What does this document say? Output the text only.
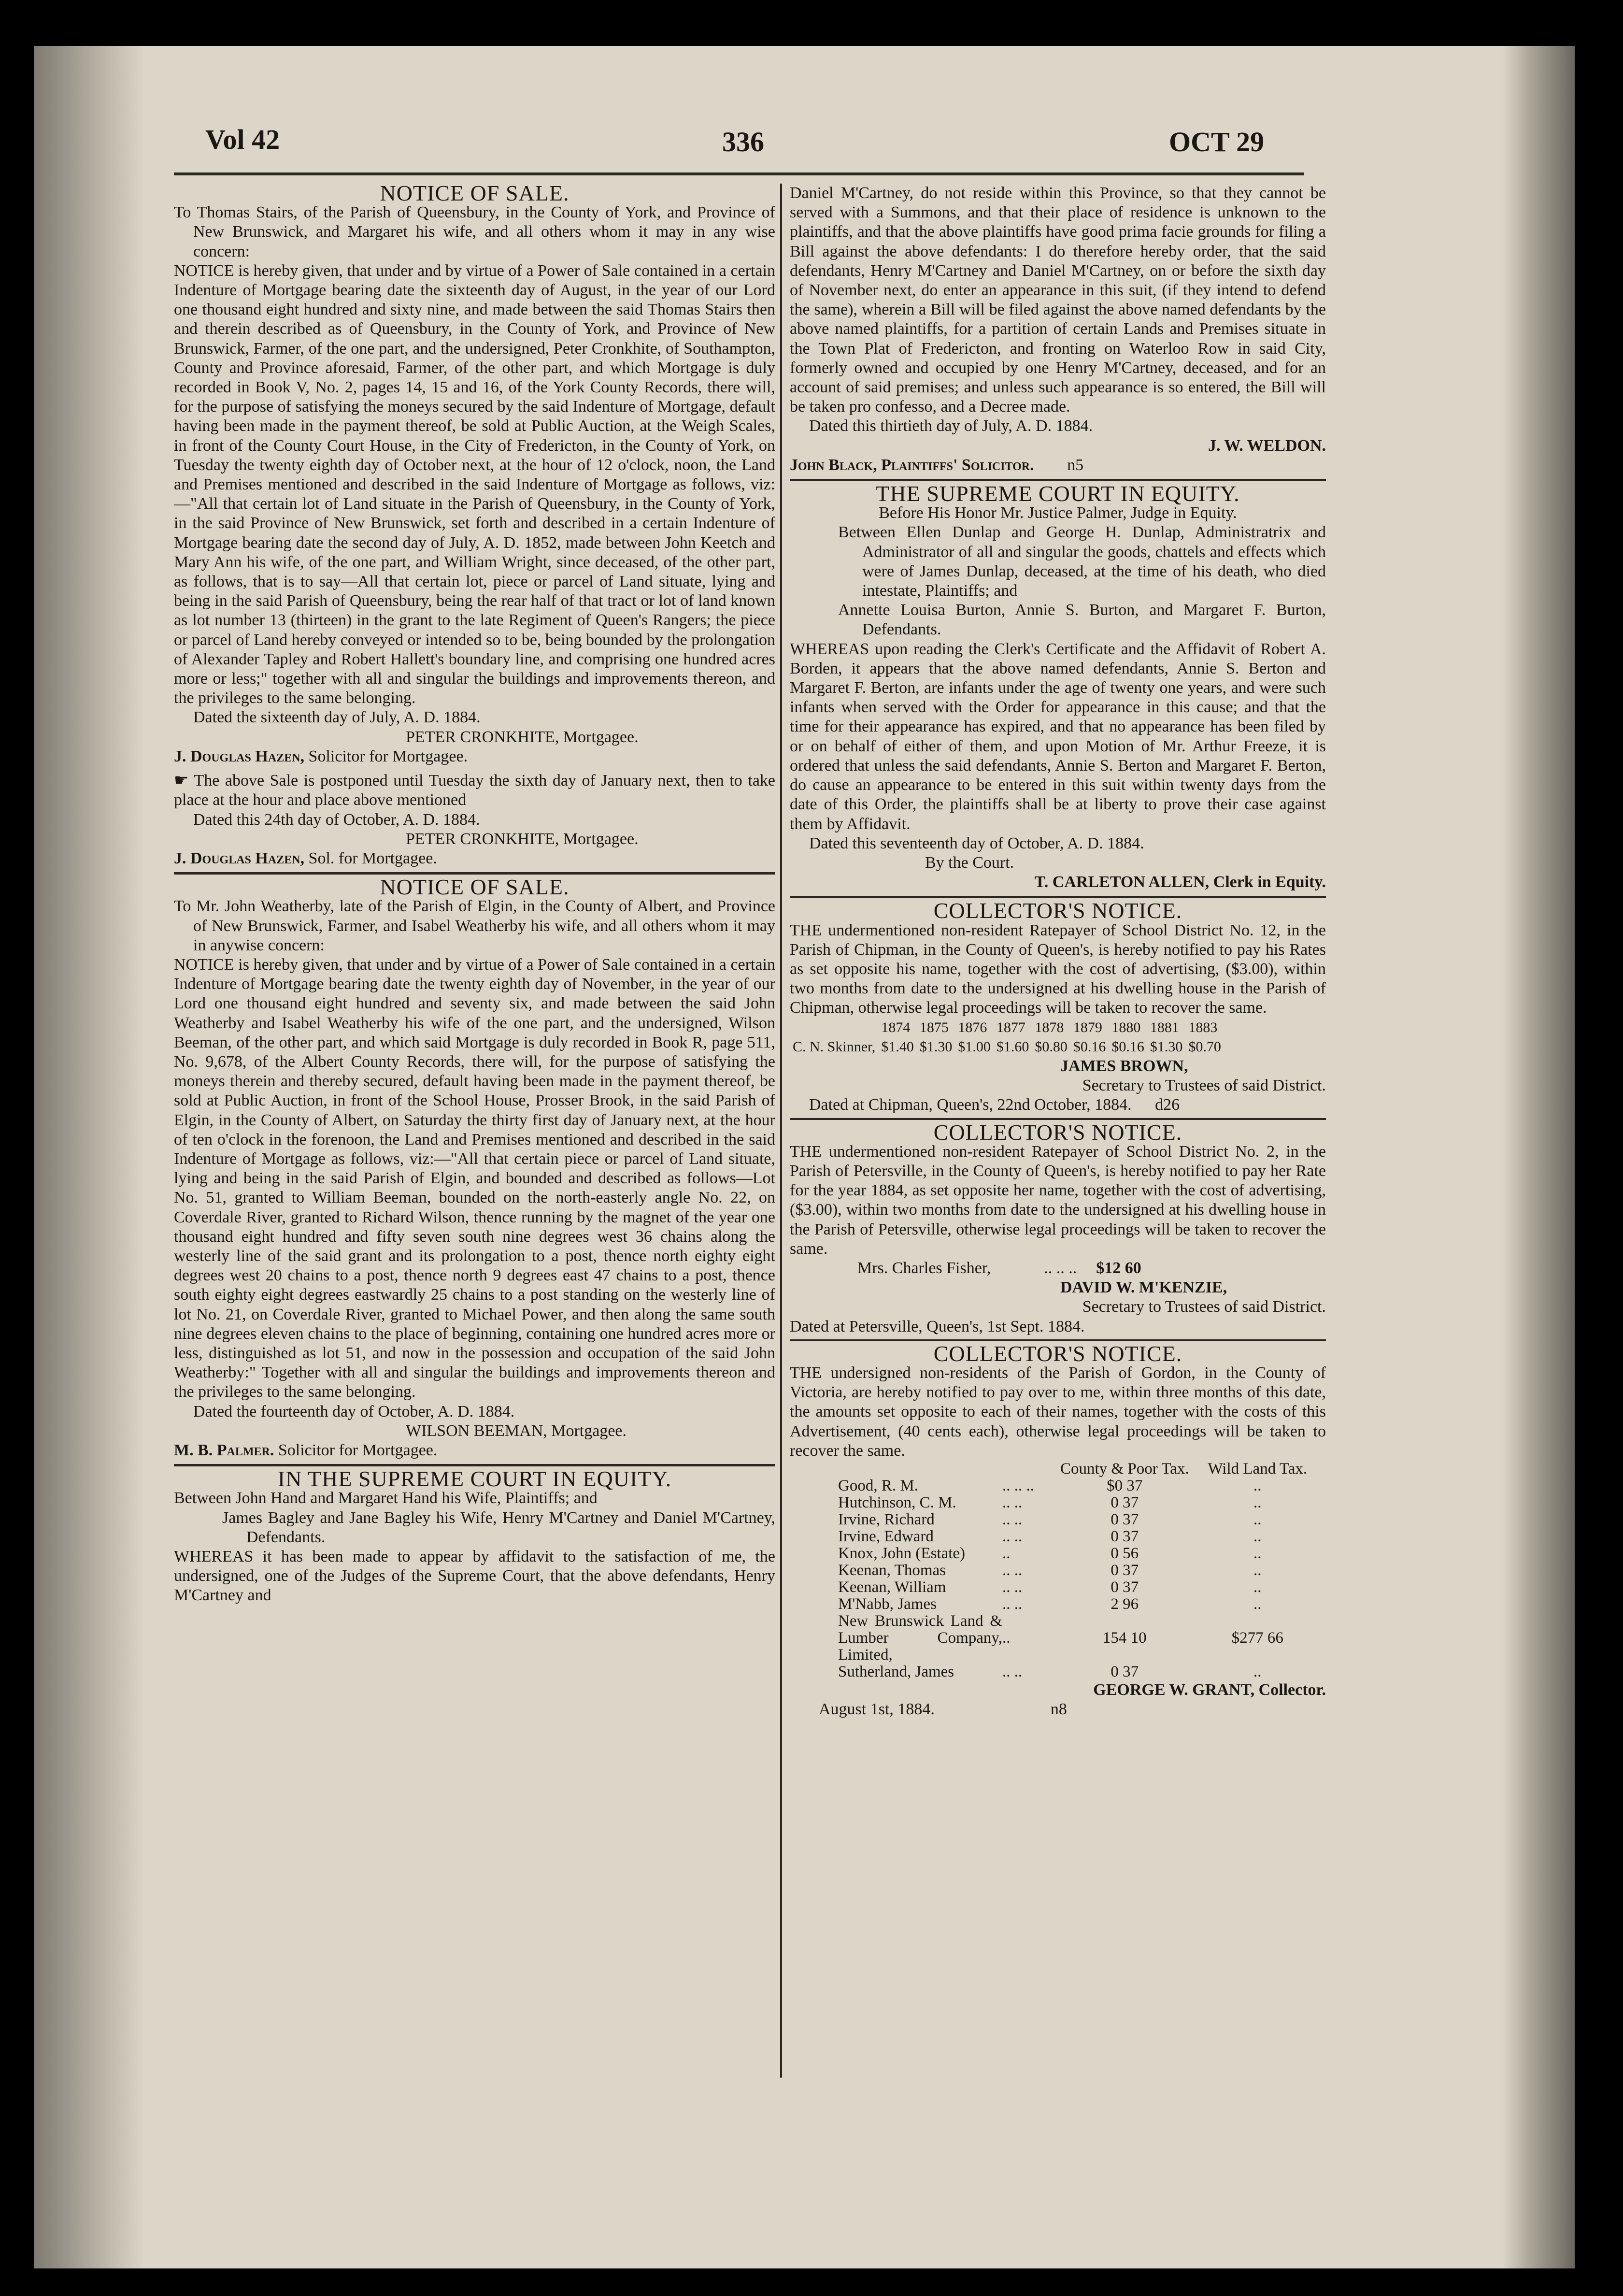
Vol 42	336	OCT 29

NOTICE OF SALE.

To Thomas Stairs, of the Parish of Queensbury, in the County of York, and Province of New Brunswick, and Margaret his wife, and all others whom it may in any wise concern:

NOTICE is hereby given, that under and by virtue of a Power of Sale contained in a certain Indenture of Mortgage bearing date the sixteenth day of August, in the year of our Lord one thousand eight hundred and sixty nine, and made between the said Thomas Stairs then and therein described as of Queensbury, in the County of York, and Province of New Brunswick, Farmer, of the one part, and the undersigned, Peter Cronkhite, of Southampton, County and Province aforesaid, Farmer, of the other part, and which Mortgage is duly recorded in Book V, No. 2, pages 14, 15 and 16, of the York County Records, there will, for the purpose of satisfying the moneys secured by the said Indenture of Mortgage, default having been made in the payment thereof, be sold at Public Auction, at the Weigh Scales, in front of the County Court House, in the City of Fredericton, in the County of York, on Tuesday the twenty eighth day of October next, at the hour of 12 o'clock, noon, the Land and Premises mentioned and described in the said Indenture of Mortgage as follows, viz:—"All that certain lot of Land situate in the Parish of Queensbury, in the County of York, in the said Province of New Brunswick, set forth and described in a certain Indenture of Mortgage bearing date the second day of July, A. D. 1852, made between John Keetch and Mary Ann his wife, of the one part, and William Wright, since deceased, of the other part, as follows, that is to say—All that certain lot, piece or parcel of Land situate, lying and being in the said Parish of Queensbury, being the rear half of that tract or lot of land known as lot number 13 (thirteen) in the grant to the late Regiment of Queen's Rangers; the piece or parcel of Land hereby conveyed or intended so to be, being bounded by the prolongation of Alexander Tapley and Robert Hallett's boundary line, and comprising one hundred acres more or less;" together with all and singular the buildings and improvements thereon, and the privileges to the same belonging.

Dated the sixteenth day of July, A. D. 1884.

PETER CRONKHITE, Mortgagee.

J. Douglas Hazen, Solicitor for Mortgagee.

☛ The above Sale is postponed until Tuesday the sixth day of January next, then to take place at the hour and place above mentioned

Dated this 24th day of October, A. D. 1884.

PETER CRONKHITE, Mortgagee.

J. Douglas Hazen, Sol. for Mortgagee.

NOTICE OF SALE.

To Mr. John Weatherby, late of the Parish of Elgin, in the County of Albert, and Province of New Brunswick, Farmer, and Isabel Weatherby his wife, and all others whom it may in anywise concern:

NOTICE is hereby given, that under and by virtue of a Power of Sale contained in a certain Indenture of Mortgage bearing date the twenty eighth day of November, in the year of our Lord one thousand eight hundred and seventy six, and made between the said John Weatherby and Isabel Weatherby his wife of the one part, and the undersigned, Wilson Beeman, of the other part, and which said Mortgage is duly recorded in Book R, page 511, No. 9,678, of the Albert County Records, there will, for the purpose of satisfying the moneys therein and thereby secured, default having been made in the payment thereof, be sold at Public Auction, in front of the School House, Prosser Brook, in the said Parish of Elgin, in the County of Albert, on Saturday the thirty first day of January next, at the hour of ten o'clock in the forenoon, the Land and Premises mentioned and described in the said Indenture of Mortgage as follows, viz:—"All that certain piece or parcel of Land situate, lying and being in the said Parish of Elgin, and bounded and described as follows—Lot No. 51, granted to William Beeman, bounded on the north-easterly angle No. 22, on Coverdale River, granted to Richard Wilson, thence running by the magnet of the year one thousand eight hundred and fifty seven south nine degrees west 36 chains along the westerly line of the said grant and its prolongation to a post, thence north eighty eight degrees west 20 chains to a post, thence north 9 degrees east 47 chains to a post, thence south eighty eight degrees eastwardly 25 chains to a post standing on the westerly line of lot No. 21, on Coverdale River, granted to Michael Power, and then along the same south nine degrees eleven chains to the place of beginning, containing one hundred acres more or less, distinguished as lot 51, and now in the possession and occupation of the said John Weatherby:" Together with all and singular the buildings and improvements thereon and the privileges to the same belonging.

Dated the fourteenth day of October, A. D. 1884.

WILSON BEEMAN, Mortgagee.

M. B. Palmer. Solicitor for Mortgagee.

IN THE SUPREME COURT IN EQUITY.

Between John Hand and Margaret Hand his Wife, Plaintiffs; and

James Bagley and Jane Bagley his Wife, Henry M'Cartney and Daniel M'Cartney, Defendants.

WHEREAS it has been made to appear by affidavit to the satisfaction of me, the undersigned, one of the Judges of the Supreme Court, that the above defendants, Henry M'Cartney and

Daniel M'Cartney, do not reside within this Province, so that they cannot be served with a Summons, and that their place of residence is unknown to the plaintiffs, and that the above plaintiffs have good prima facie grounds for filing a Bill against the above defendants: I do therefore hereby order, that the said defendants, Henry M'Cartney and Daniel M'Cartney, on or before the sixth day of November next, do enter an appearance in this suit, (if they intend to defend the same), wherein a Bill will be filed against the above named defendants by the above named plaintiffs, for a partition of certain Lands and Premises situate in the Town Plat of Fredericton, and fronting on Waterloo Row in said City, formerly owned and occupied by one Henry M'Cartney, deceased, and for an account of said premises; and unless such appearance is so entered, the Bill will be taken pro confesso, and a Decree made.

Dated this thirtieth day of July, A. D. 1884.

J. W. WELDON.

John Black, Plaintiffs' Solicitor. n5

THE SUPREME COURT IN EQUITY.

Before His Honor Mr. Justice Palmer, Judge in Equity.

Between Ellen Dunlap and George H. Dunlap, Administratrix and Administrator of all and singular the goods, chattels and effects which were of James Dunlap, deceased, at the time of his death, who died intestate, Plaintiffs; and

Annette Louisa Burton, Annie S. Burton, and Margaret F. Burton, Defendants.

WHEREAS upon reading the Clerk's Certificate and the Affidavit of Robert A. Borden, it appears that the above named defendants, Annie S. Berton and Margaret F. Berton, are infants under the age of twenty one years, and were such infants when served with the Order for appearance in this cause; and that the time for their appearance has expired, and that no appearance has been filed by or on behalf of either of them, and upon Motion of Mr. Arthur Freeze, it is ordered that unless the said defendants, Annie S. Berton and Margaret F. Berton, do cause an appearance to be entered in this suit within twenty days from the date of this Order, the plaintiffs shall be at liberty to prove their case against them by Affidavit.

Dated this seventeenth day of October, A. D. 1884.

By the Court.

T. CARLETON ALLEN, Clerk in Equity.

COLLECTOR'S NOTICE.

THE undermentioned non-resident Ratepayer of School District No. 12, in the Parish of Chipman, in the County of Queen's, is hereby notified to pay his Rates as set opposite his name, together with the cost of advertising, ($3.00), within two months from date to the undersigned at his dwelling house in the Parish of Chipman, otherwise legal proceedings will be taken to recover the same.

	1874	1875	1876	1877	1878	1879	1880	1881	1883
C. N. Skinner,	$1.40	$1.30	$1.00	$1.60	$0.80	$0.16	$0.16	$1.30	$0.70

JAMES BROWN,

Secretary to Trustees of said District.

Dated at Chipman, Queen's, 22nd October, 1884. d26

COLLECTOR'S NOTICE.

THE undermentioned non-resident Ratepayer of School District No. 2, in the Parish of Petersville, in the County of Queen's, is hereby notified to pay her Rate for the year 1884, as set opposite her name, together with the cost of advertising, ($3.00), within two months from date to the undersigned at his dwelling house in the Parish of Petersville, otherwise legal proceedings will be taken to recover the same.

Mrs. Charles Fisher,	.. .. .. $12 60

DAVID W. M'KENZIE,

Secretary to Trustees of said District.

Dated at Petersville, Queen's, 1st Sept. 1884.

COLLECTOR'S NOTICE.

THE undersigned non-residents of the Parish of Gordon, in the County of Victoria, are hereby notified to pay over to me, within three months of this date, the amounts set opposite to each of their names, together with the costs of this Advertisement, (40 cents each), otherwise legal proceedings will be taken to recover the same.

		County & Poor Tax.	Wild Land Tax.
Good, R. M.	.. .. ..	$0 37	..
Hutchinson, C. M.	.. ..	0 37	..
Irvine, Richard	.. ..	0 37	..
Irvine, Edward	.. ..	0 37	..
Knox, John (Estate)	..	0 56	..
Keenan, Thomas	.. ..	0 37	..
Keenan, William	.. ..	0 37	..
M'Nabb, James	.. ..	2 96	..
New Brunswick Land & Lumber Company, Limited,	..	154 10	$277 66
Sutherland, James	.. ..	0 37	..

GEORGE W. GRANT, Collector.

August 1st, 1884.	n8
